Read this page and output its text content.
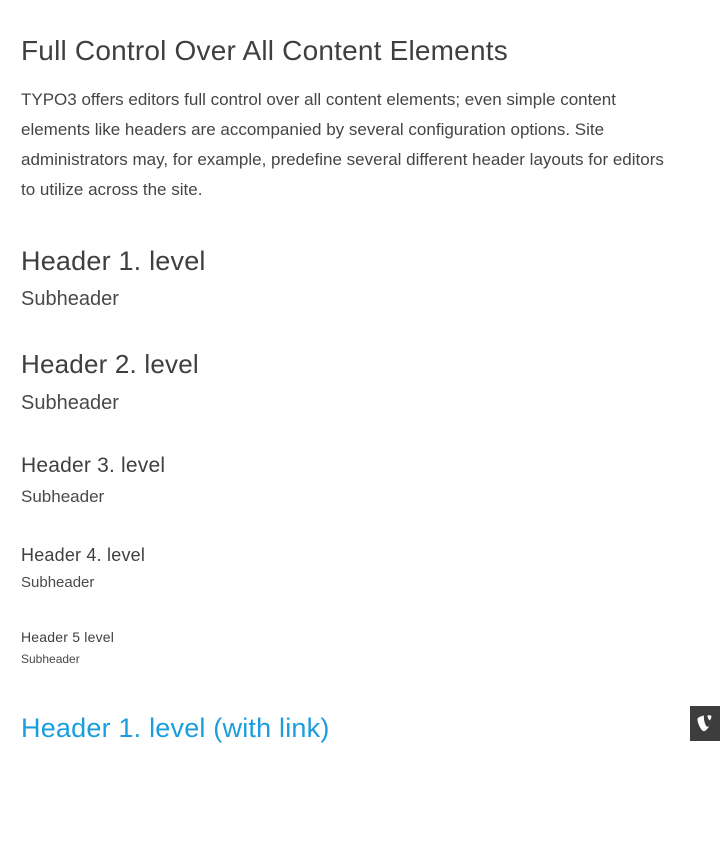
Full Control Over All Content Elements

TYPO3 offers editors full control over all content elements; even simple content elements like headers are accompanied by several configuration options. Site administrators may, for example, predefine several different header layouts for editors to utilize across the site.

Header 1. level

Subheader

Header 2. level

Subheader

Header 3. level

Subheader

Header 4. level

Subheader

Header 5 level

Subheader

Header 1. level (with link)
